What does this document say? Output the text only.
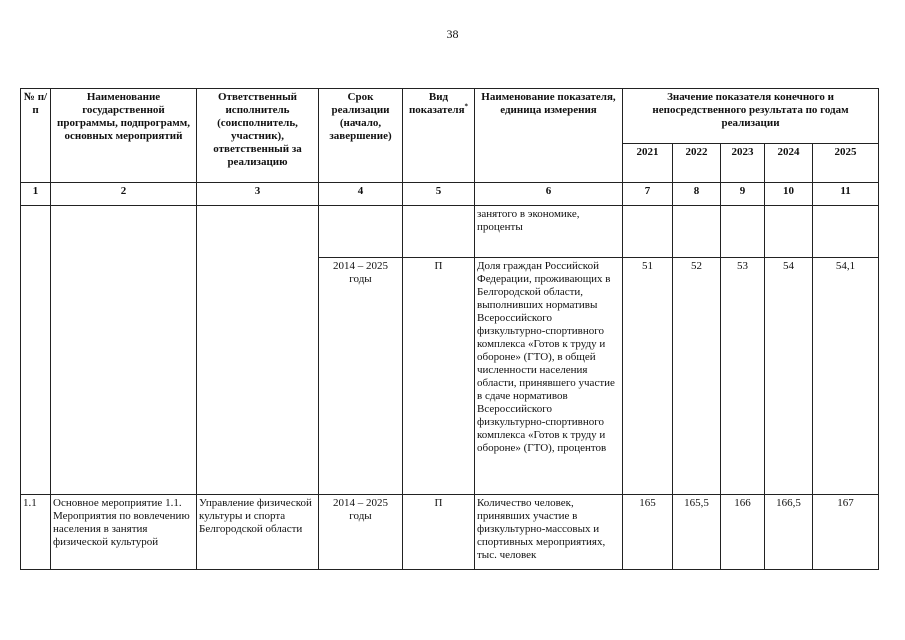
38
№ п/п	Наименование государственной программы, подпрограмм, основных мероприятий	Ответственный исполнитель (соисполнитель, участник), ответственный за реализацию	Срок реализации (начало, завершение)	Вид показателя*	Наименование показателя, единица измерения	Значение показателя конечного и непосредственного результата по годам реализации				
						2021	2022	2023	2024	2025
1	2	3	4	5	6	7	8	9	10	11
					занятого в экономике, проценты					
			2014 – 2025 годы	П	Доля граждан Российской Федерации, проживающих в Белгородской области, выполнивших нормативы Всероссийского физкультурно-спортивного комплекса «Готов к труду и обороне» (ГТО), в общей численности населения области, принявшего участие в сдаче нормативов Всероссийского физкультурно-спортивного комплекса «Готов к труду и обороне» (ГТО), процентов	51	52	53	54	54,1
1.1	Основное мероприятие 1.1. Мероприятия по вовлечению населения в занятия физической культурой	Управление физической культуры и спорта Белгородской области	2014 – 2025 годы	П	Количество человек, принявших участие в физкультурно-массовых и спортивных мероприятиях, тыс. человек	165	165,5	166	166,5	167
